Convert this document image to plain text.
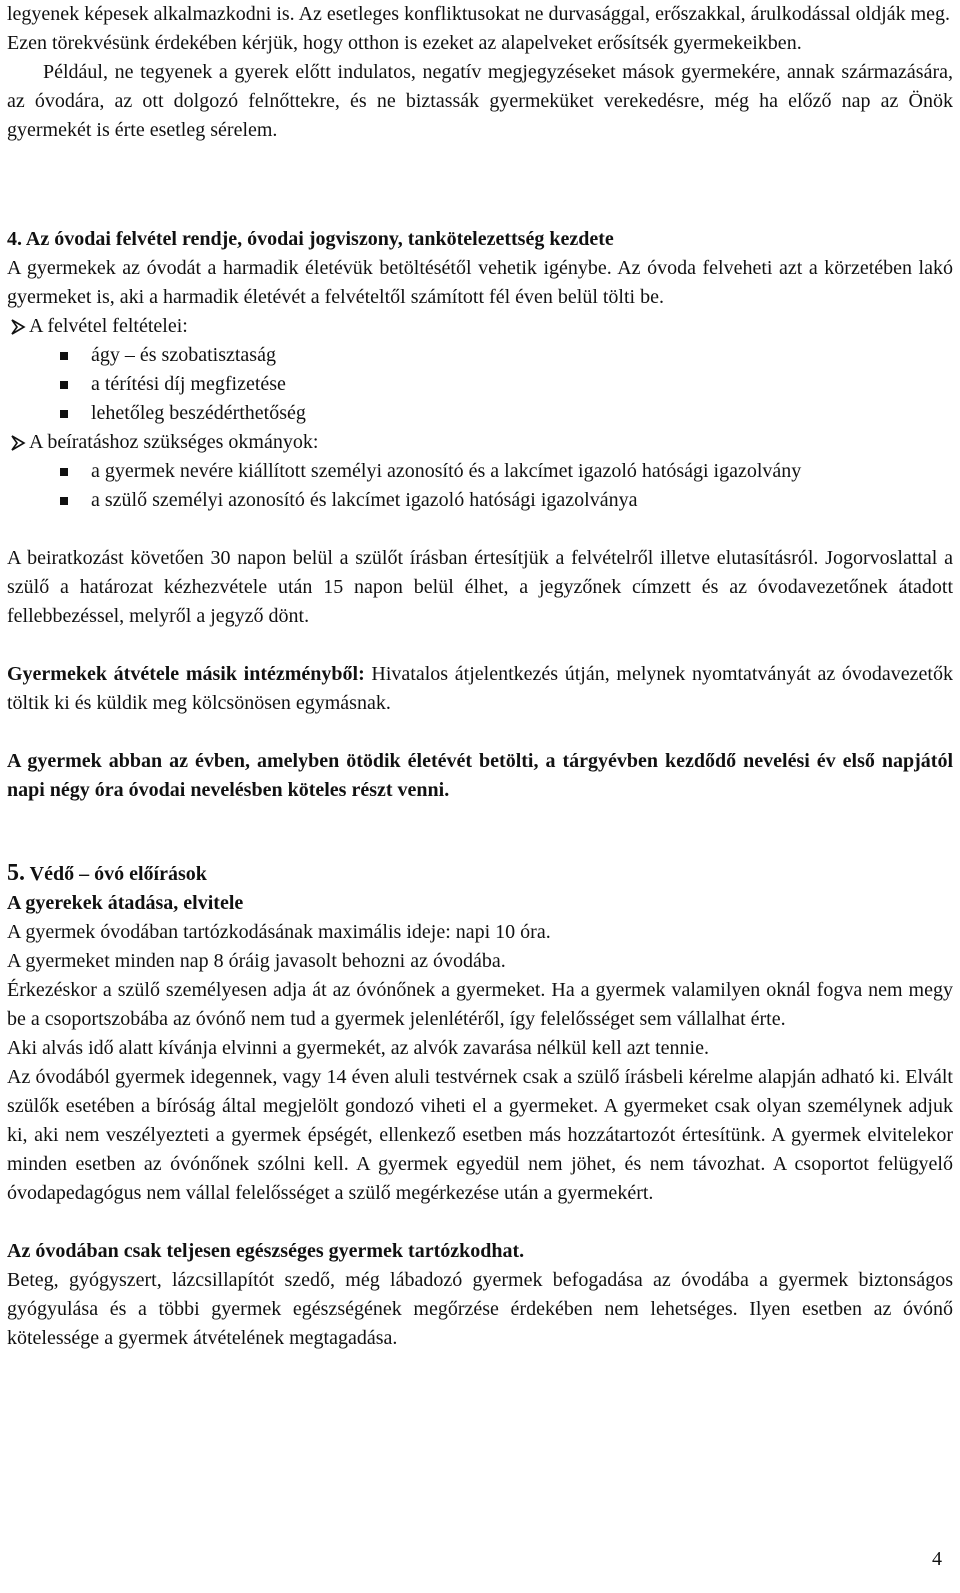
legyenek képesek alkalmazkodni is. Az esetleges konfliktusokat ne durvasággal, erőszakkal, árulkodással oldják meg.

Ezen törekvésünk érdekében kérjük, hogy otthon is ezeket az alapelveket erősítsék gyermekeikben.

Például, ne tegyenek a gyerek előtt indulatos, negatív megjegyzéseket mások gyermekére, annak származására, az óvodára, az ott dolgozó felnőttekre, és ne biztassák gyermeküket verekedésre, még ha előző nap az Önök gyermekét is érte esetleg sérelem.

4. Az óvodai felvétel rendje, óvodai jogviszony, tankötelezettség kezdete

A gyermekek az óvodát a harmadik életévük betöltésétől vehetik igénybe. Az óvoda felveheti azt a körzetében lakó gyermeket is, aki a harmadik életévét a felvételtől számított fél éven belül tölti be.

A felvétel feltételei:
ágy – és szobatisztaság
a térítési díj megfizetése
lehetőleg beszédérthetőség
A beíratáshoz szükséges okmányok:
a gyermek nevére kiállított személyi azonosító és a lakcímet igazoló hatósági igazolvány
a szülő személyi azonosító és lakcímet igazoló hatósági igazolványa

A beiratkozást követően 30 napon belül a szülőt írásban értesítjük a felvételről illetve elutasításról. Jogorvoslattal a szülő a határozat kézhezvétele után 15 napon belül élhet, a jegyzőnek címzett és az óvodavezetőnek átadott fellebbezéssel, melyről a jegyző dönt.

Gyermekek átvétele másik intézményből: Hivatalos átjelentkezés útján, melynek nyomtatványát az óvodavezetők töltik ki és küldik meg kölcsönösen egymásnak.

A gyermek abban az évben, amelyben ötödik életévét betölti, a tárgyévben kezdődő nevelési év első napjától napi négy óra óvodai nevelésben köteles részt venni.

5. Védő – óvó előírások

A gyerekek átadása, elvitele

A gyermek óvodában tartózkodásának maximális ideje: napi 10 óra.

A gyermeket minden nap 8 óráig javasolt behozni az óvodába.

Érkezéskor a szülő személyesen adja át az óvónőnek a gyermeket. Ha a gyermek valamilyen oknál fogva nem megy be a csoportszobába az óvónő nem tud a gyermek jelenlétéről, így felelősséget sem vállalhat érte.

Aki alvás idő alatt kívánja elvinni a gyermekét, az alvók zavarása nélkül kell azt tennie.

Az óvodából gyermek idegennek, vagy 14 éven aluli testvérnek csak a szülő írásbeli kérelme alapján adható ki. Elvált szülők esetében a bíróság által megjelölt gondozó viheti el a gyermeket. A gyermeket csak olyan személynek adjuk ki, aki nem veszélyezteti a gyermek épségét, ellenkező esetben más hozzátartozót értesítünk. A gyermek elvitelekor minden esetben az óvónőnek szólni kell. A gyermek egyedül nem jöhet, és nem távozhat. A csoportot felügyelő óvodapedagógus nem vállal felelősséget a szülő megérkezése után a gyermekért.

Az óvodában csak teljesen egészséges gyermek tartózkodhat.

Beteg, gyógyszert, lázcsillapítót szedő, még lábadozó gyermek befogadása az óvodába a gyermek biztonságos gyógyulása és a többi gyermek egészségének megőrzése érdekében nem lehetséges. Ilyen esetben az óvónő kötelessége a gyermek átvételének megtagadása.

4
